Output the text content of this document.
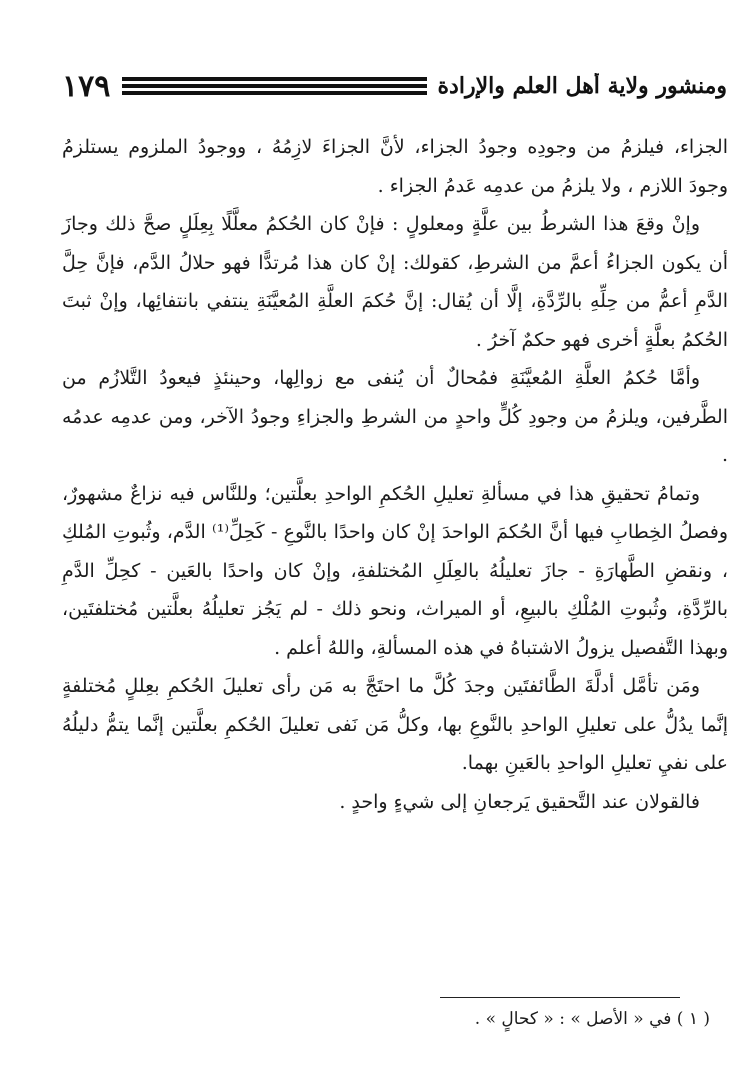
١٧٩	ومنشور ولاية أهل العلم والإرادة

الجزاء، فيلزمُ من وجودِه وجودُ الجزاء، لأنَّ الجزاءَ لازِمُهُ ، ووجودُ الملزوم يستلزمُ وجودَ اللازم ، ولا يلزمُ من عدمِه عَدمُ الجزاء .

وإنْ وقعَ هذا الشرطُ بين علَّةٍ ومعلولٍ : فإنْ كان الحُكمُ معلَّلًا بِعِلَلٍ صحَّ ذلك وجازَ أن يكون الجزاءُ أعمَّ من الشرطِ، كقولك: إنْ كان هذا مُرتدًّا فهو حلالُ الدَّم، فإنَّ حِلَّ الدَّمِ أعمُّ من حِلِّهِ بالرِّدَّةِ، إلَّا أن يُقال: إنَّ حُكمَ العلَّةِ المُعيَّنَةِ ينتفي بانتفائِها، وإنْ ثبتَ الحُكمُ بعلَّةٍ أخرى فهو حكمٌ آخرُ .

وأمَّا حُكمُ العلَّةِ المُعيَّنَةِ فمُحالٌ أن يُنفى مع زوالِها، وحينئذٍ فيعودُ التَّلازُم من الطَّرفين، ويلزمُ من وجودِ كُلٍّ واحدٍ من الشرطِ والجزاءِ وجودُ الآخر، ومن عدمِه عدمُه .

وتمامُ تحقيقِ هذا في مسألةِ تعليلِ الحُكمِ الواحدِ بعلَّتين؛ وللنَّاس فيه نزاعٌ مشهورٌ، وفصلُ الخِطابِ فيها أنَّ الحُكمَ الواحدَ إنْ كان واحدًا بالنَّوعِ - كَحِلِّ⁽¹⁾ الدَّم، وثُبوتِ المُلكِ ، ونقضِ الطَّهارَةِ - جازَ تعليلُهُ بالعِلَلِ المُختلفةِ، وإنْ كان واحدًا بالعَين - كحِلِّ الدَّمِ بالرِّدَّةِ، وثُبوتِ المُلْكِ بالبيعِ، أو الميراث، ونحو ذلك - لم يَجُز تعليلُهُ بعلَّتين مُختلفتَين، وبهذا التَّفصيل يزولُ الاشتباهُ في هذه المسألةِ، واللهُ أعلم .

ومَن تأمَّل أدلَّةَ الطَّائفتَين وجدَ كُلَّ ما احتَجَّ به مَن رأى تعليلَ الحُكمِ بعِللٍ مُختلفةٍ إنَّما يدُلُّ على تعليلِ الواحدِ بالنَّوعِ بها، وكلُّ مَن نَفى تعليلَ الحُكمِ بعلَّتين إنَّما يتمُّ دليلُهُ على نفيِ تعليلِ الواحدِ بالعَينِ بهما.

فالقولان عند التَّحقيق يَرجعانِ إلى شيءٍ واحدٍ .

( ١ ) في « الأصل » : « كحالٍ » .
